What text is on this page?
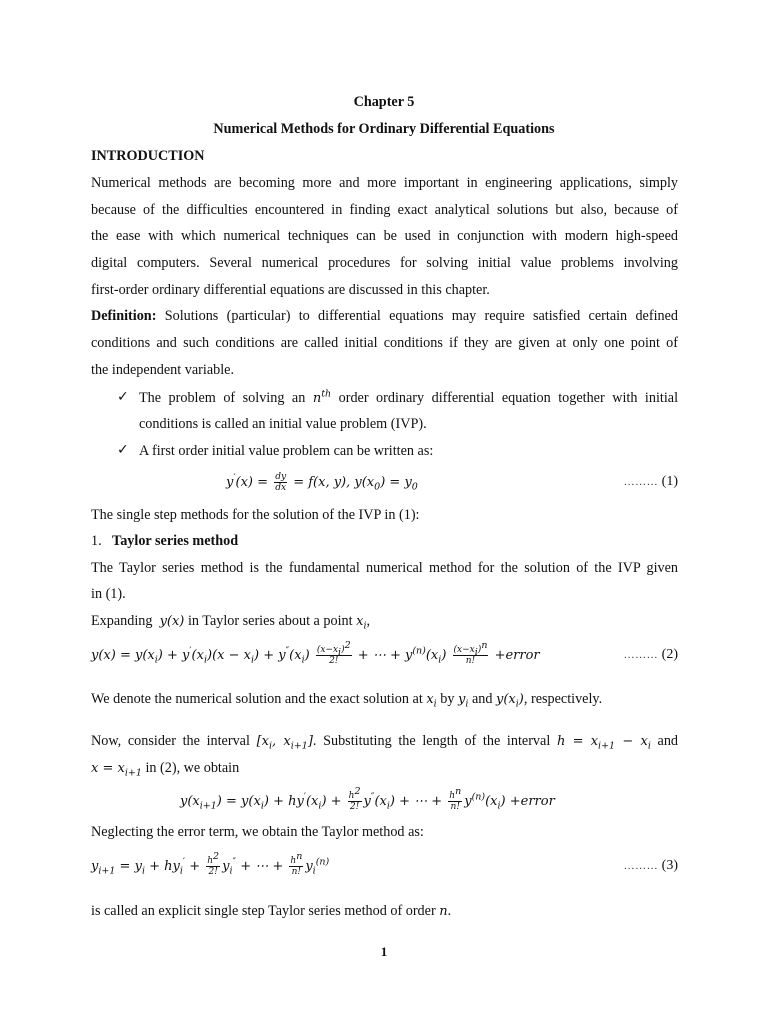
Chapter 5
Numerical Methods for Ordinary Differential Equations
INTRODUCTION
Numerical methods are becoming more and more important in engineering applications, simply
because of the difficulties encountered in finding exact analytical solutions but also, because of
the ease with which numerical techniques can be used in conjunction with modern high-speed
digital computers. Several numerical procedures for solving initial value problems involving
first-order ordinary differential equations are discussed in this chapter.
Definition: Solutions (particular) to differential equations may require satisfied certain defined
conditions and such conditions are called initial conditions if they are given at only one point of
the independent variable.
✓ The problem of solving an $n^{th}$ order ordinary differential equation together with initial
conditions is called an initial value problem (IVP).
✓ A first order initial value problem can be written as:
$y'(x) = \frac{dy}{dx} = f(x$, y), $y(x_0) = y_0$	……… (1)
The single step methods for the solution of the IVP in (1):
1. Taylor series method
The Taylor series method is the fundamental numerical method for the solution of the IVP given
in (1).
Expanding y(x) in Taylor series about a point $x_i$,
$y(x) = y(x_i) + y'(x_i)(x - x_i) + y''(x_i) \frac{(x-x_i)^2}{2!}$ + ⋯ + $y^{(n)}(x_i) \frac{(x-x_i)^n}{n!}$ +error	……… (2)
We denote the numerical solution and the exact solution at $x_i$ by $y_i$ and $y(x_i)$, respectively.
Now, consider the interval [$x_i$, $x_{i+1}$]. Substituting the length of the interval $h = x_{i+1} - x_i$ and
$x = x_{i+1}$ in (2), we obtain
$y(x_{i+1}) = y(x_i) + hy'(x_i) + \frac{h^2}{2!} y''(x_i)$ + ⋯ + $\frac{h^n}{n!} y^{(n)}(x_i)$ +error
Neglecting the error term, we obtain the Taylor method as:
$y_{i+1} = y_i + hy_i' + \frac{h^2}{2!} y_i''$ + ⋯ + $\frac{h^n}{n!} y_i^{(n)}$	……… (3)
is called an explicit single step Taylor series method of order n.
1
